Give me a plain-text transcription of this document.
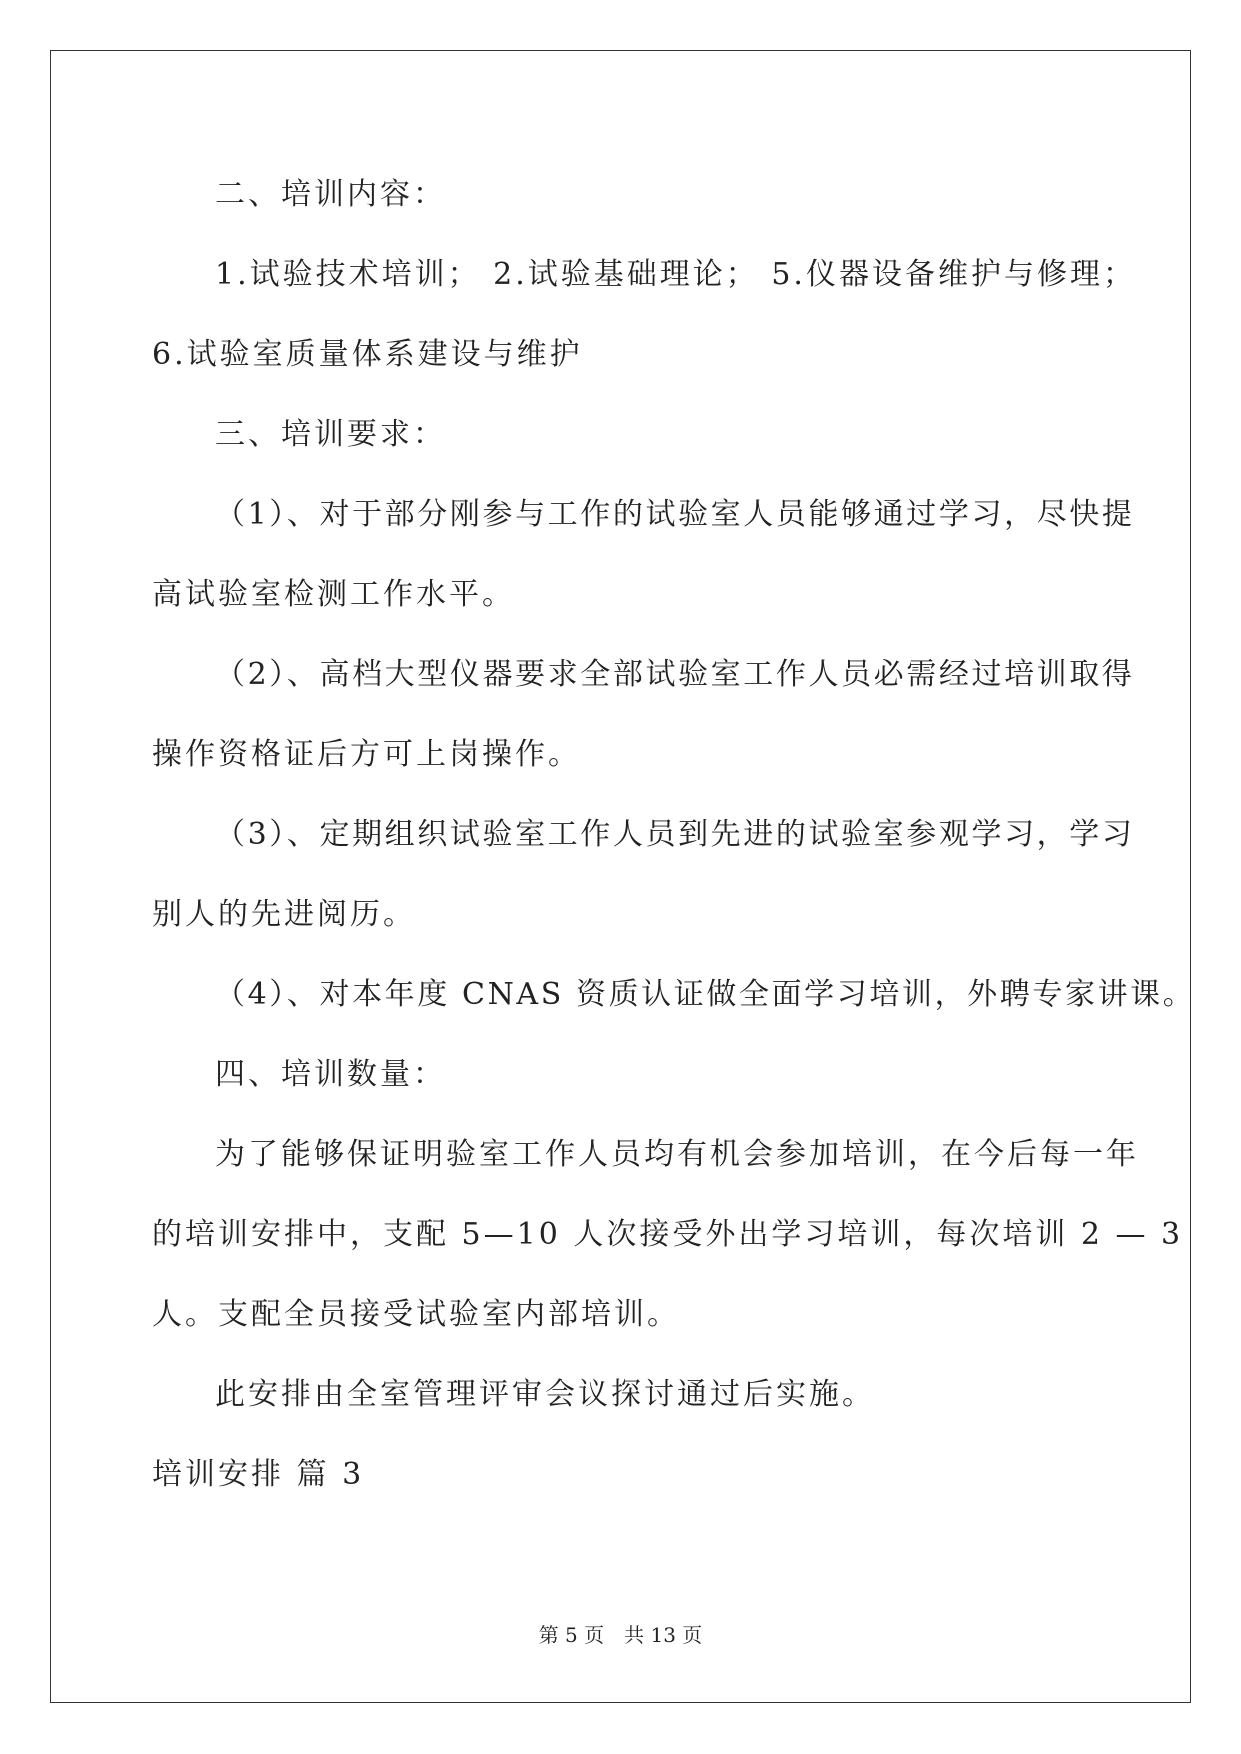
二、培训内容：
1.试验技术培训； 2.试验基础理论； 5.仪器设备维护与修理；
6.试验室质量体系建设与维护
三、培训要求：
（1）、对于部分刚参与工作的试验室人员能够通过学习，尽快提
高试验室检测工作水平。
（2）、高档大型仪器要求全部试验室工作人员必需经过培训取得
操作资格证后方可上岗操作。
（3）、定期组织试验室工作人员到先进的试验室参观学习，学习
别人的先进阅历。
（4）、对本年度 CNAS 资质认证做全面学习培训，外聘专家讲课。
四、培训数量：
为了能够保证明验室工作人员均有机会参加培训，在今后每一年
的培训安排中，支配 5—10 人次接受外出学习培训，每次培训 2 — 3
人。支配全员接受试验室内部培训。
此安排由全室管理评审会议探讨通过后实施。
培训安排 篇 3
第 5 页 共 13 页
